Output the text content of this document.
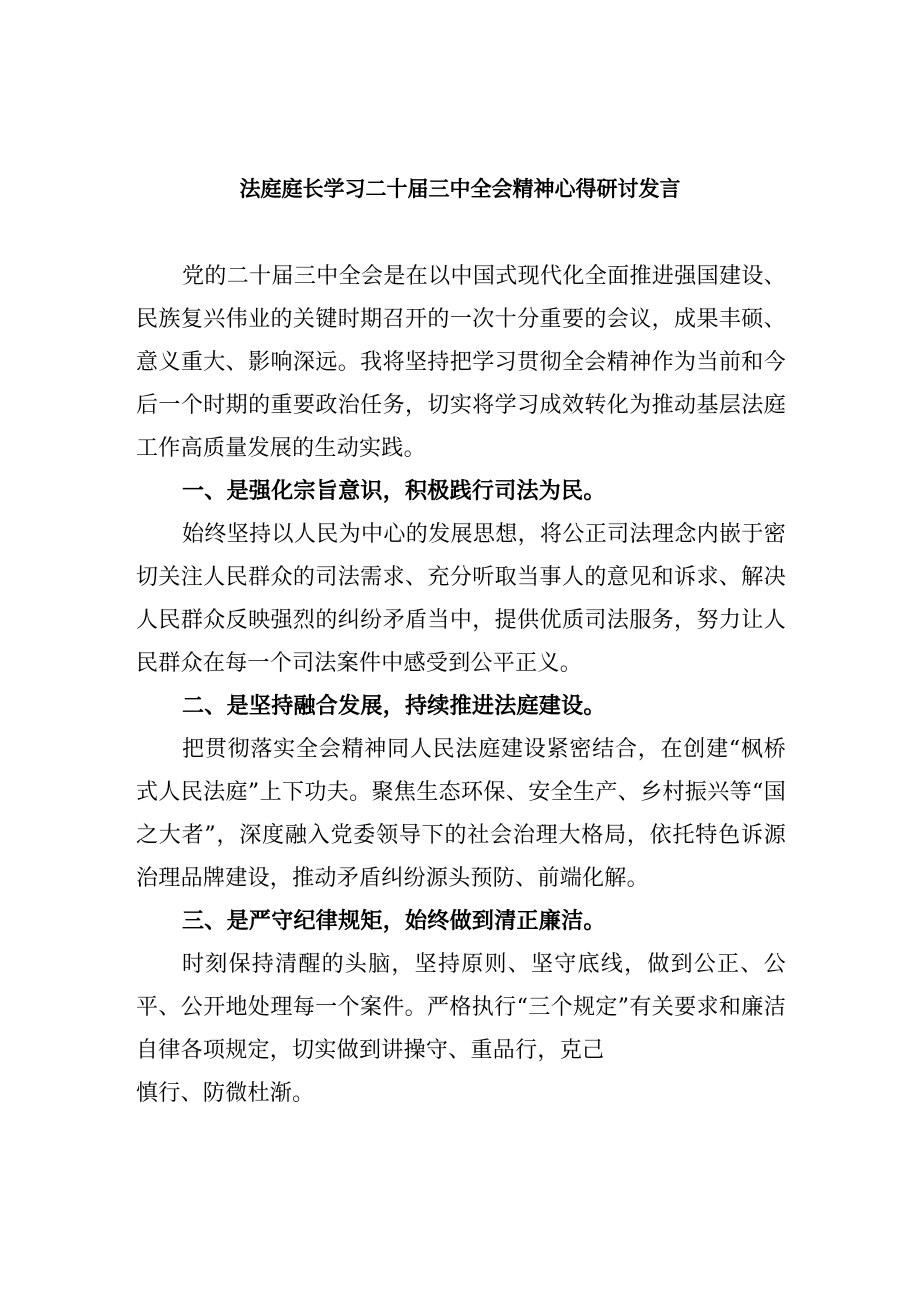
法庭庭长学习二十届三中全会精神心得研讨发言

党的二十届三中全会是在以中国式现代化全面推进强国建设、民族复兴伟业的关键时期召开的一次十分重要的会议，成果丰硕、意义重大、影响深远。我将坚持把学习贯彻全会精神作为当前和今后一个时期的重要政治任务，切实将学习成效转化为推动基层法庭工作高质量发展的生动实践。

一、是强化宗旨意识，积极践行司法为民。

始终坚持以人民为中心的发展思想，将公正司法理念内嵌于密切关注人民群众的司法需求、充分听取当事人的意见和诉求、解决人民群众反映强烈的纠纷矛盾当中，提供优质司法服务，努力让人民群众在每一个司法案件中感受到公平正义。

二、是坚持融合发展，持续推进法庭建设。

把贯彻落实全会精神同人民法庭建设紧密结合，在创建“枫桥式人民法庭”上下功夫。聚焦生态环保、安全生产、乡村振兴等“国之大者”，深度融入党委领导下的社会治理大格局，依托特色诉源治理品牌建设，推动矛盾纠纷源头预防、前端化解。

三、是严守纪律规矩，始终做到清正廉洁。

时刻保持清醒的头脑，坚持原则、坚守底线，做到公正、公平、公开地处理每一个案件。严格执行“三个规定”有关要求和廉洁自律各项规定，切实做到讲操守、重品行，克己

慎行、防微杜渐。
